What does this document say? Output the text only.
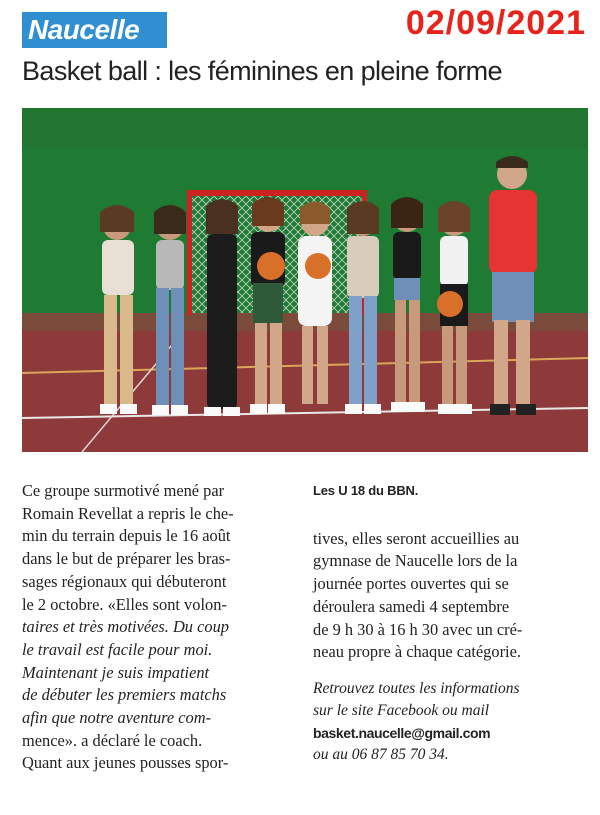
Naucelle	02/09/2021
Basket ball : les féminines en pleine forme
Ce groupe surmotivé mené par
Romain Revellat a repris le che-
min du terrain depuis le 16 août
dans le but de préparer les bras-
sages régionaux qui débuteront
le 2 octobre. «Elles sont volon-
taires et très motivées. Du coup
le travail est facile pour moi.
Maintenant je suis impatient
de débuter les premiers matchs
afin que notre aventure com-
mence». a déclaré le coach.
Quant aux jeunes pousses spor-
Les U 18 du BBN.
tives, elles seront accueillies au
gymnase de Naucelle lors de la
journée portes ouvertes qui se
déroulera samedi 4 septembre
de 9 h 30 à 16 h 30 avec un cré-
neau propre à chaque catégorie.
Retrouvez toutes les informations
sur le site Facebook ou mail
basket.naucelle@gmail.com
ou au 06 87 85 70 34.
